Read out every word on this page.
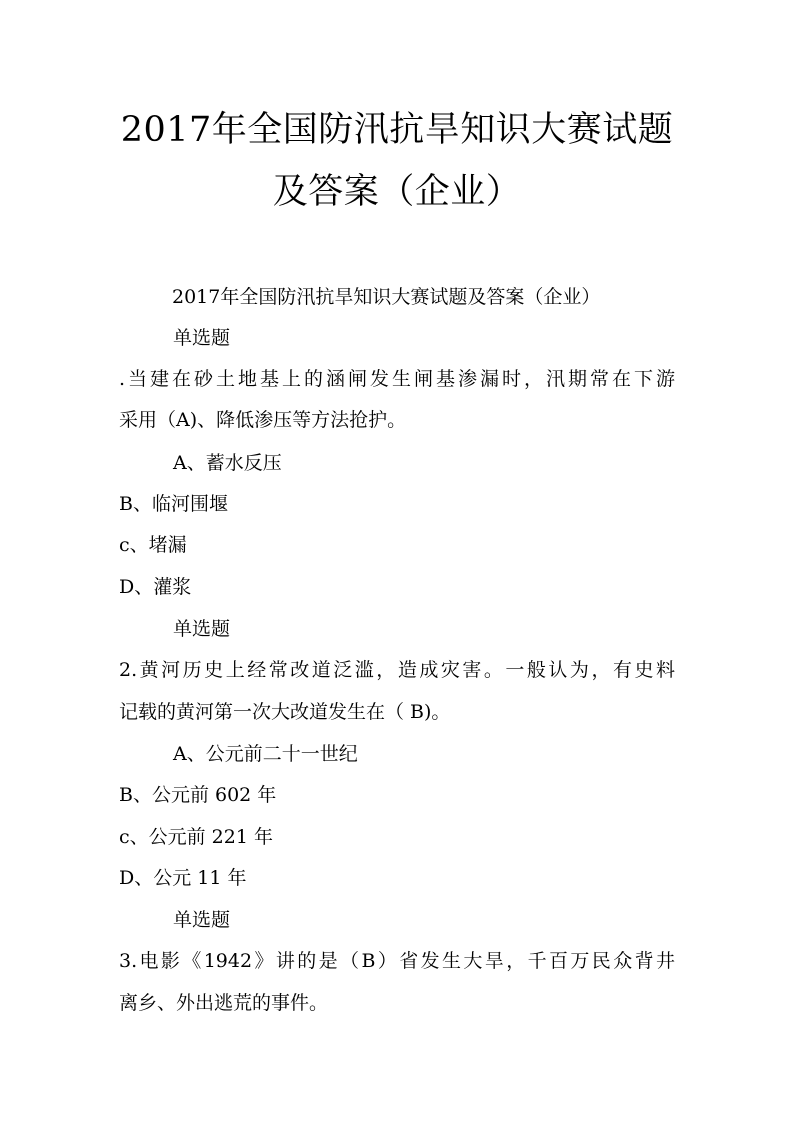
2017年全国防汛抗旱知识大赛试题
及答案（企业）
2017年全国防汛抗旱知识大赛试题及答案（企业）
单选题
.当建在砂土地基上的涵闸发生闸基渗漏时，汛期常在下游
采用（A)、降低渗压等方法抢护。
A、蓄水反压
B、临河围堰
c、堵漏
D、灌浆
单选题
2.黄河历史上经常改道泛滥，造成灾害。一般认为，有史料
记载的黄河第一次大改道发生在（ B)。
A、公元前二十一世纪
B、公元前 602 年
c、公元前 221 年
D、公元 11 年
单选题
3.电影《1942》讲的是（B）省发生大旱，千百万民众背井
离乡、外出逃荒的事件。
